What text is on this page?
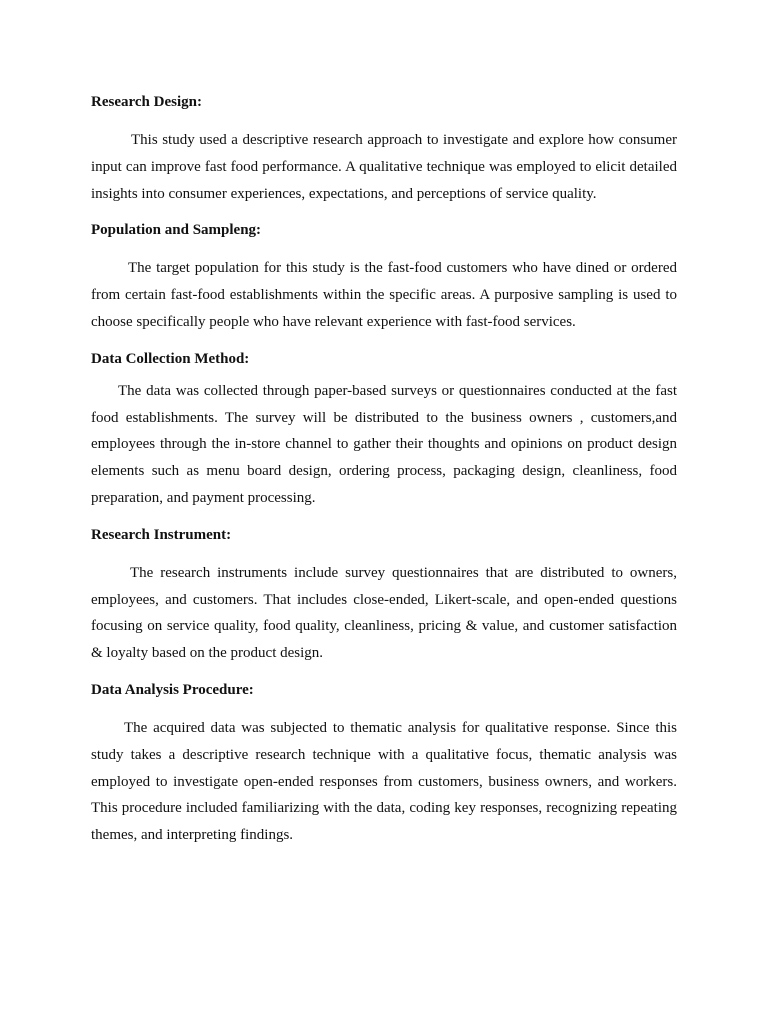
Research Design:

This study used a descriptive research approach to investigate and explore how consumer input can improve fast food performance. A qualitative technique was employed to elicit detailed insights into consumer experiences, expectations, and perceptions of service quality.

Population and Sampleng:

The target population for this study is the fast-food customers who have dined or ordered from certain fast-food establishments within the specific areas. A purposive sampling is used to choose specifically people who have relevant experience with fast-food services.

Data Collection Method:

The data was collected through paper-based surveys or questionnaires conducted at the fast food establishments. The survey will be distributed to the business owners , customers,and employees through the in-store channel to gather their thoughts and opinions on product design elements such as menu board design, ordering process, packaging design, cleanliness, food preparation, and payment processing.

Research Instrument:

The research instruments include survey questionnaires that are distributed to owners, employees, and customers. That includes close-ended, Likert-scale, and open-ended questions focusing on service quality, food quality, cleanliness, pricing & value, and customer satisfaction & loyalty based on the product design.

Data Analysis Procedure:

The acquired data was subjected to thematic analysis for qualitative response. Since this study takes a descriptive research technique with a qualitative focus, thematic analysis was employed to investigate open-ended responses from customers, business owners, and workers. This procedure included familiarizing with the data, coding key responses, recognizing repeating themes, and interpreting findings.
